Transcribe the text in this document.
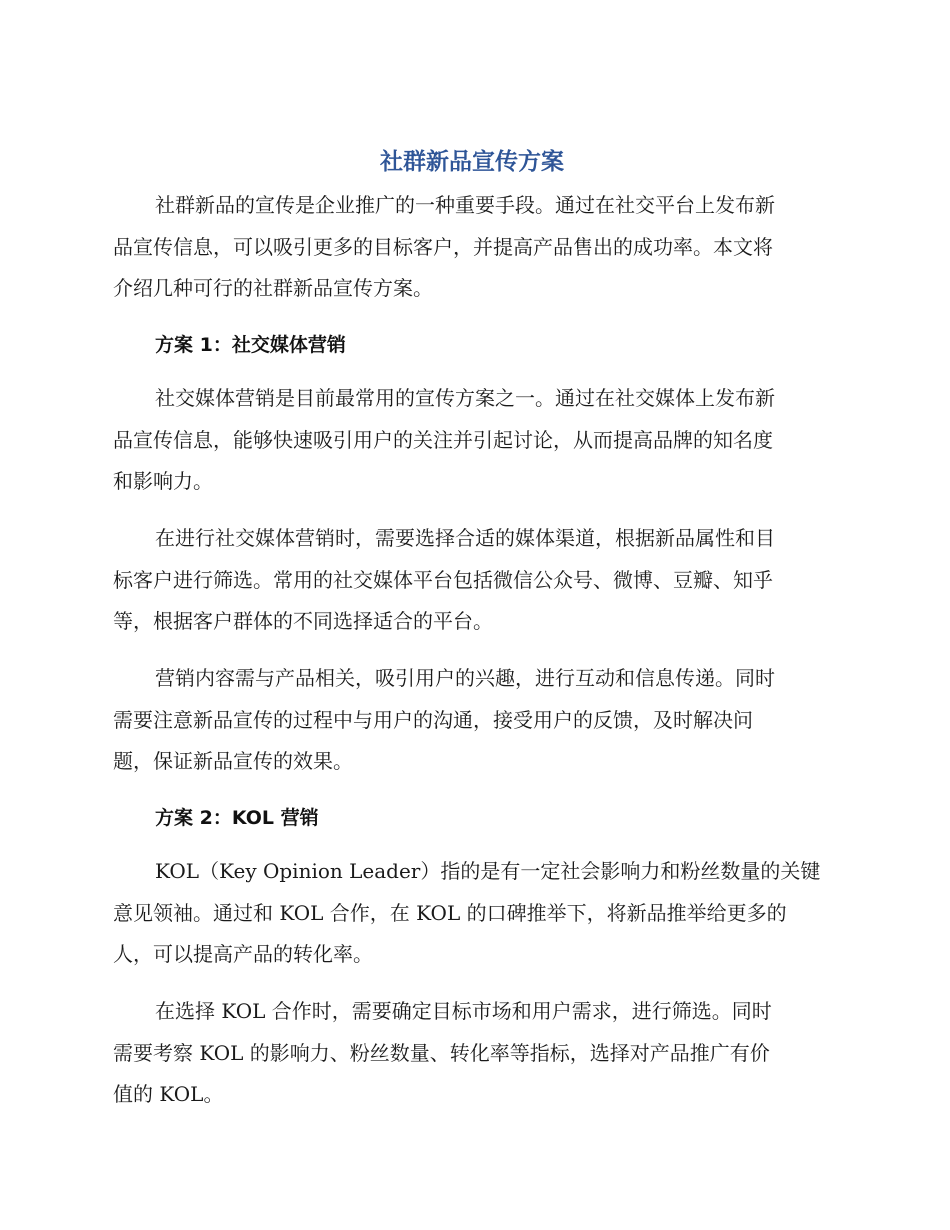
社群新品宣传方案

社群新品的宣传是企业推广的一种重要手段。通过在社交平台上发布新
品宣传信息，可以吸引更多的目标客户，并提高产品售出的成功率。本文将
介绍几种可行的社群新品宣传方案。

方案 1：社交媒体营销

社交媒体营销是目前最常用的宣传方案之一。通过在社交媒体上发布新
品宣传信息，能够快速吸引用户的关注并引起讨论，从而提高品牌的知名度
和影响力。

在进行社交媒体营销时，需要选择合适的媒体渠道，根据新品属性和目
标客户进行筛选。常用的社交媒体平台包括微信公众号、微博、豆瓣、知乎
等，根据客户群体的不同选择适合的平台。

营销内容需与产品相关，吸引用户的兴趣，进行互动和信息传递。同时
需要注意新品宣传的过程中与用户的沟通，接受用户的反馈，及时解决问
题，保证新品宣传的效果。

方案 2：KOL 营销

KOL（Key Opinion Leader）指的是有一定社会影响力和粉丝数量的关键
意见领袖。通过和 KOL 合作，在 KOL 的口碑推举下，将新品推举给更多的
人，可以提高产品的转化率。

在选择 KOL 合作时，需要确定目标市场和用户需求，进行筛选。同时
需要考察 KOL 的影响力、粉丝数量、转化率等指标，选择对产品推广有价
值的 KOL。
